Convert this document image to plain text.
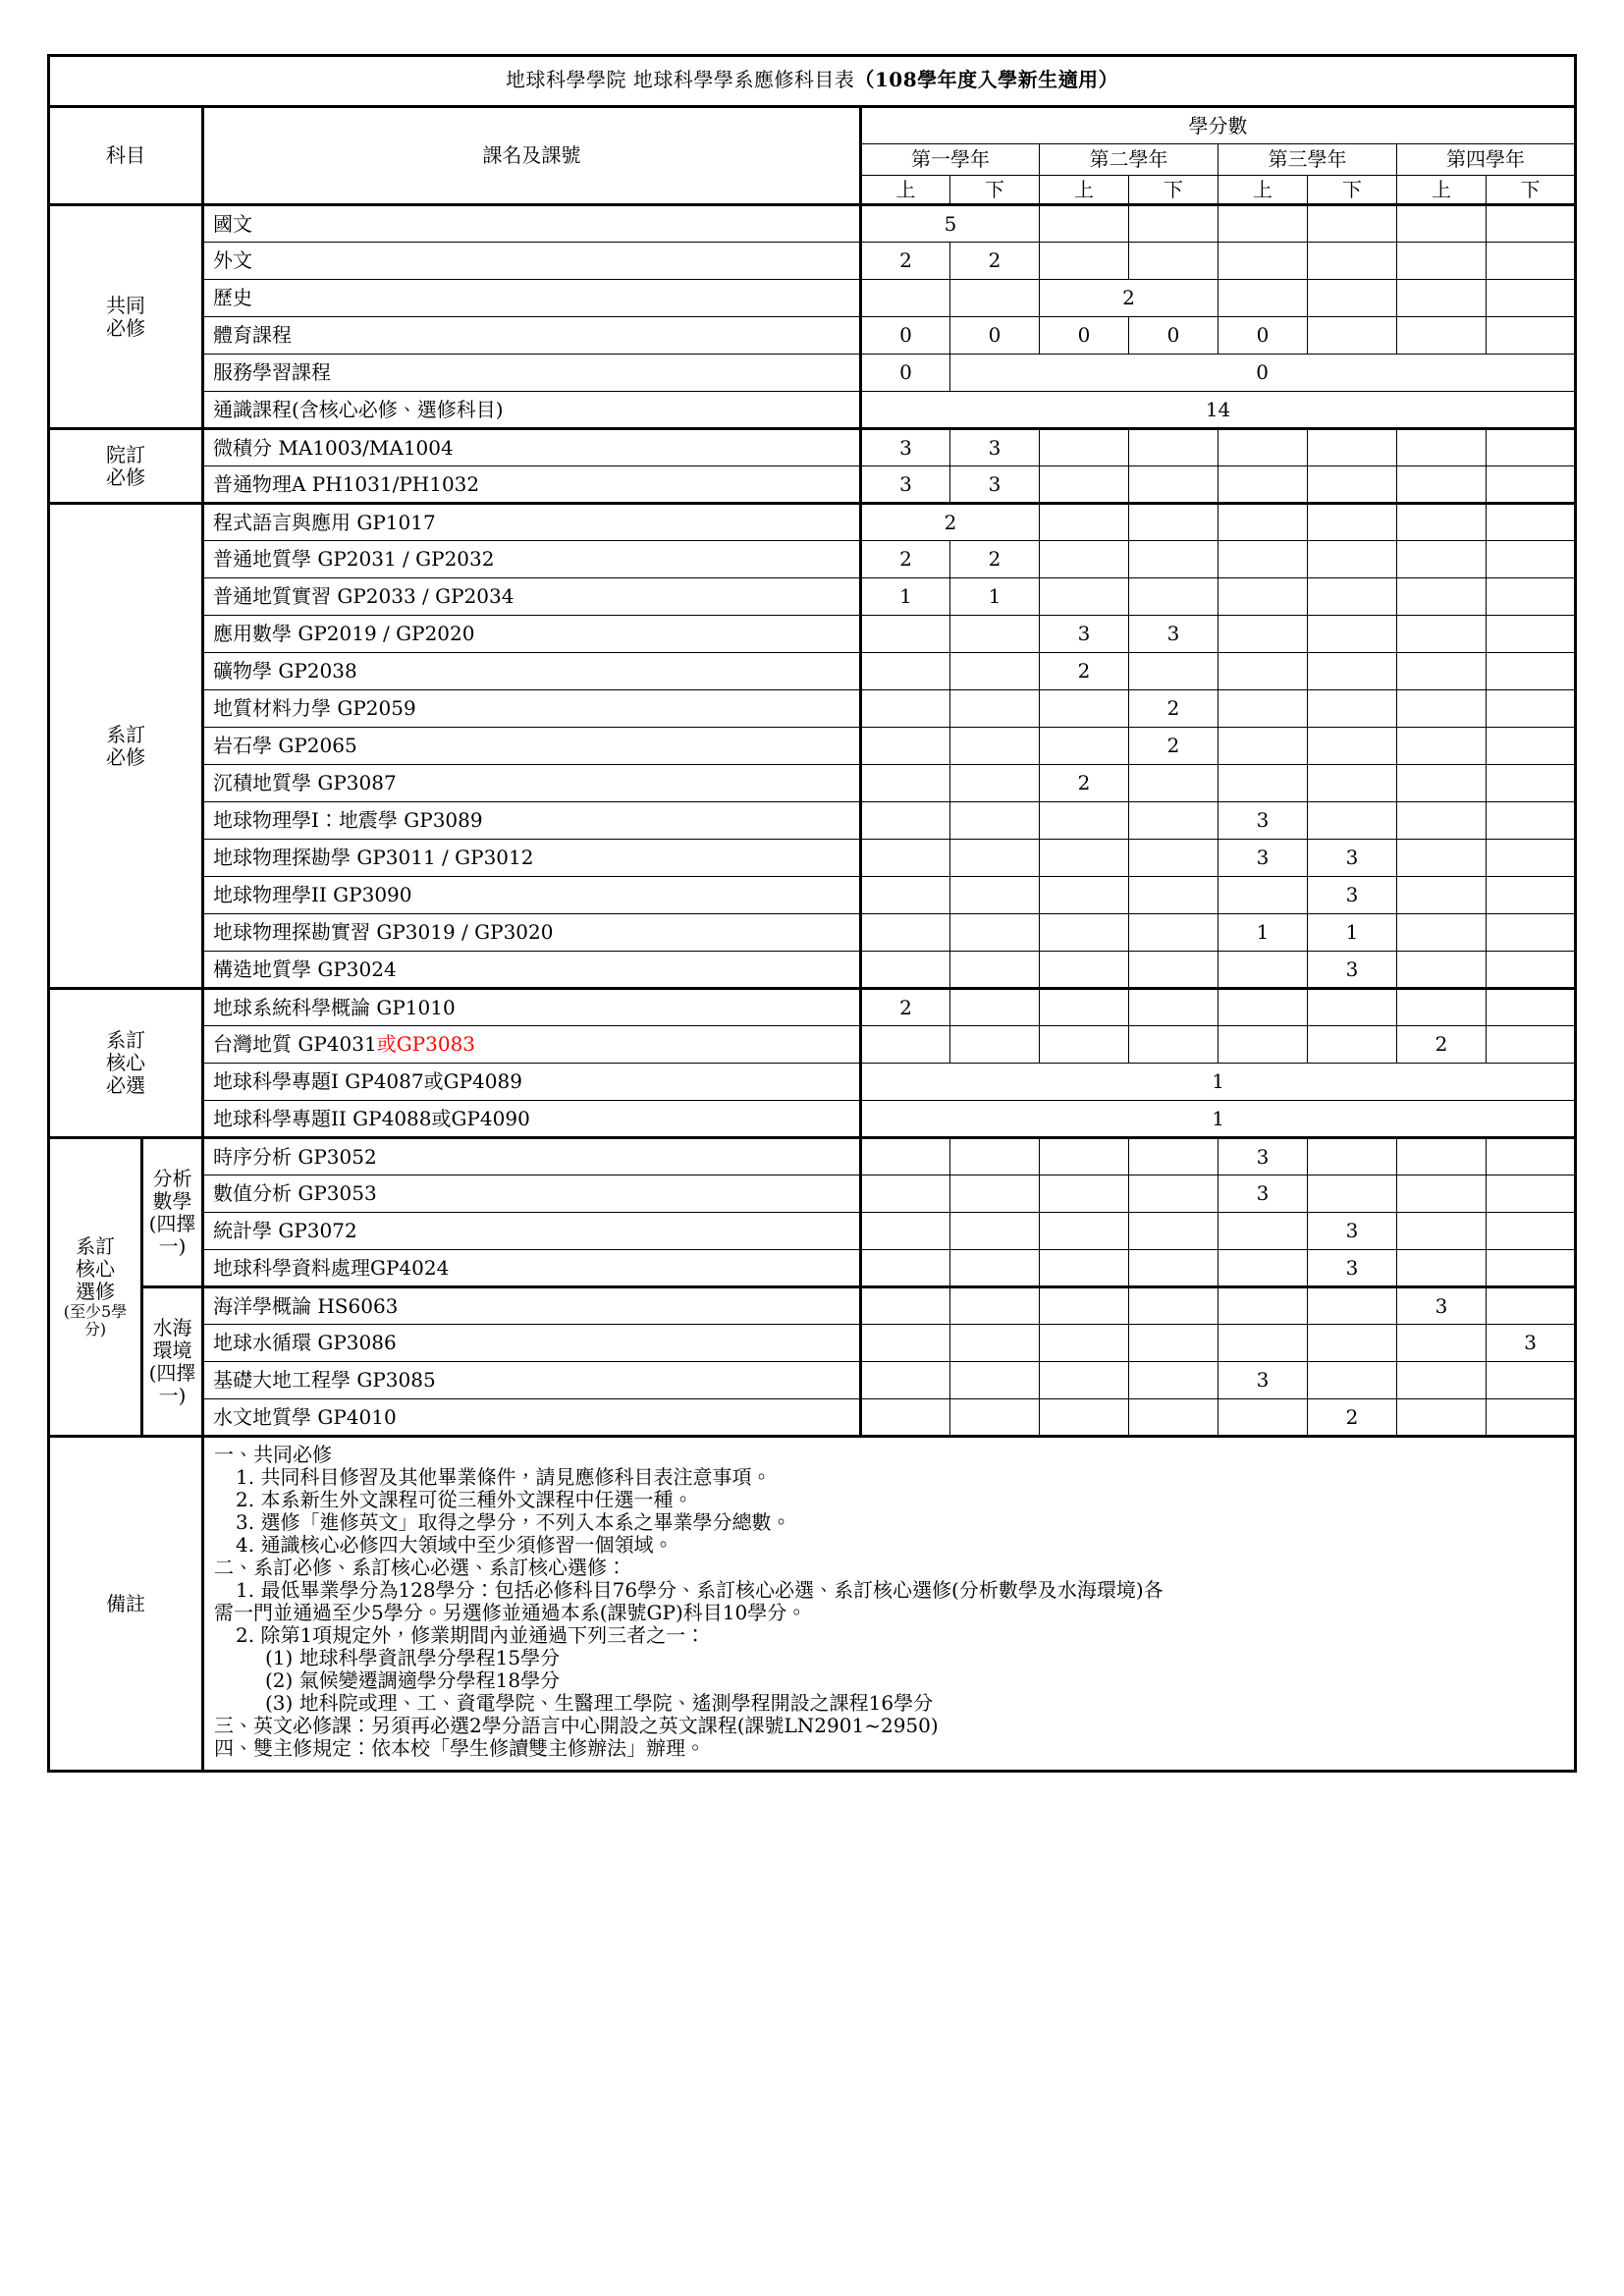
地球科學學院 地球科學學系應修科目表（108學年度入學新生適用）										
科目		課名及課號	學分數							
			第一學年		第二學年		第三學年		第四學年	
			上	下	上	下	上	下	上	下
共同
必修		國文	5							
		外文	2	2						
		歷史			2					
		體育課程	0	0	0	0	0			
		服務學習課程	0	0						
		通識課程(含核心必修、選修科目)	14							
院訂
必修		微積分 MA1003/MA1004	3	3						
		普通物理A PH1031/PH1032	3	3						
系訂
必修		程式語言與應用 GP1017	2							
		普通地質學 GP2031 / GP2032	2	2						
		普通地質實習 GP2033 / GP2034	1	1						
		應用數學 GP2019 / GP2020			3	3				
		礦物學 GP2038			2					
		地質材料力學 GP2059				2				
		岩石學 GP2065				2				
		沉積地質學 GP3087			2					
		地球物理學I：地震學 GP3089					3			
		地球物理探勘學 GP3011 / GP3012					3	3		
		地球物理學II GP3090						3		
		地球物理探勘實習 GP3019 / GP3020					1	1		
		構造地質學 GP3024						3		
系訂
核心
必選		地球系統科學概論 GP1010	2							
		台灣地質 GP4031或GP3083							2	
		地球科學專題I GP4087或GP4089	1							
		地球科學專題II GP4088或GP4090	1							

系訂
核心
選修
(至少5學分)
	分析
數學
(四擇一)	時序分析 GP3052					3			
		數值分析 GP3053					3			
		統計學 GP3072						3		
		地球科學資料處理GP4024						3		
	水海
環境
(四擇一)	海洋學概論 HS6063							3	
		地球水循環 GP3086								3
		基礎大地工程學 GP3085					3			
		水文地質學 GP4010						2		
備註	
一、共同必修
1. 共同科目修習及其他畢業條件，請見應修科目表注意事項。
2. 本系新生外文課程可從三種外文課程中任選一種。
3. 選修「進修英文」取得之學分，不列入本系之畢業學分總數。
4. 通識核心必修四大領域中至少須修習一個領域。
二、系訂必修、系訂核心必選、系訂核心選修：
1. 最低畢業學分為128學分：包括必修科目76學分、系訂核心必選、系訂核心選修(分析數學及水海環境)各
需一門並通過至少5學分。另選修並通過本系(課號GP)科目10學分。
2. 除第1項規定外，修業期間內並通過下列三者之一：
(1) 地球科學資訊學分學程15學分
(2) 氣候變遷調適學分學程18學分
(3) 地科院或理、工、資電學院、生醫理工學院、遙測學程開設之課程16學分
三、英文必修課：另須再必選2學分語言中心開設之英文課程(課號LN2901~2950)
四、雙主修規定：依本校「學生修讀雙主修辦法」辦理。
